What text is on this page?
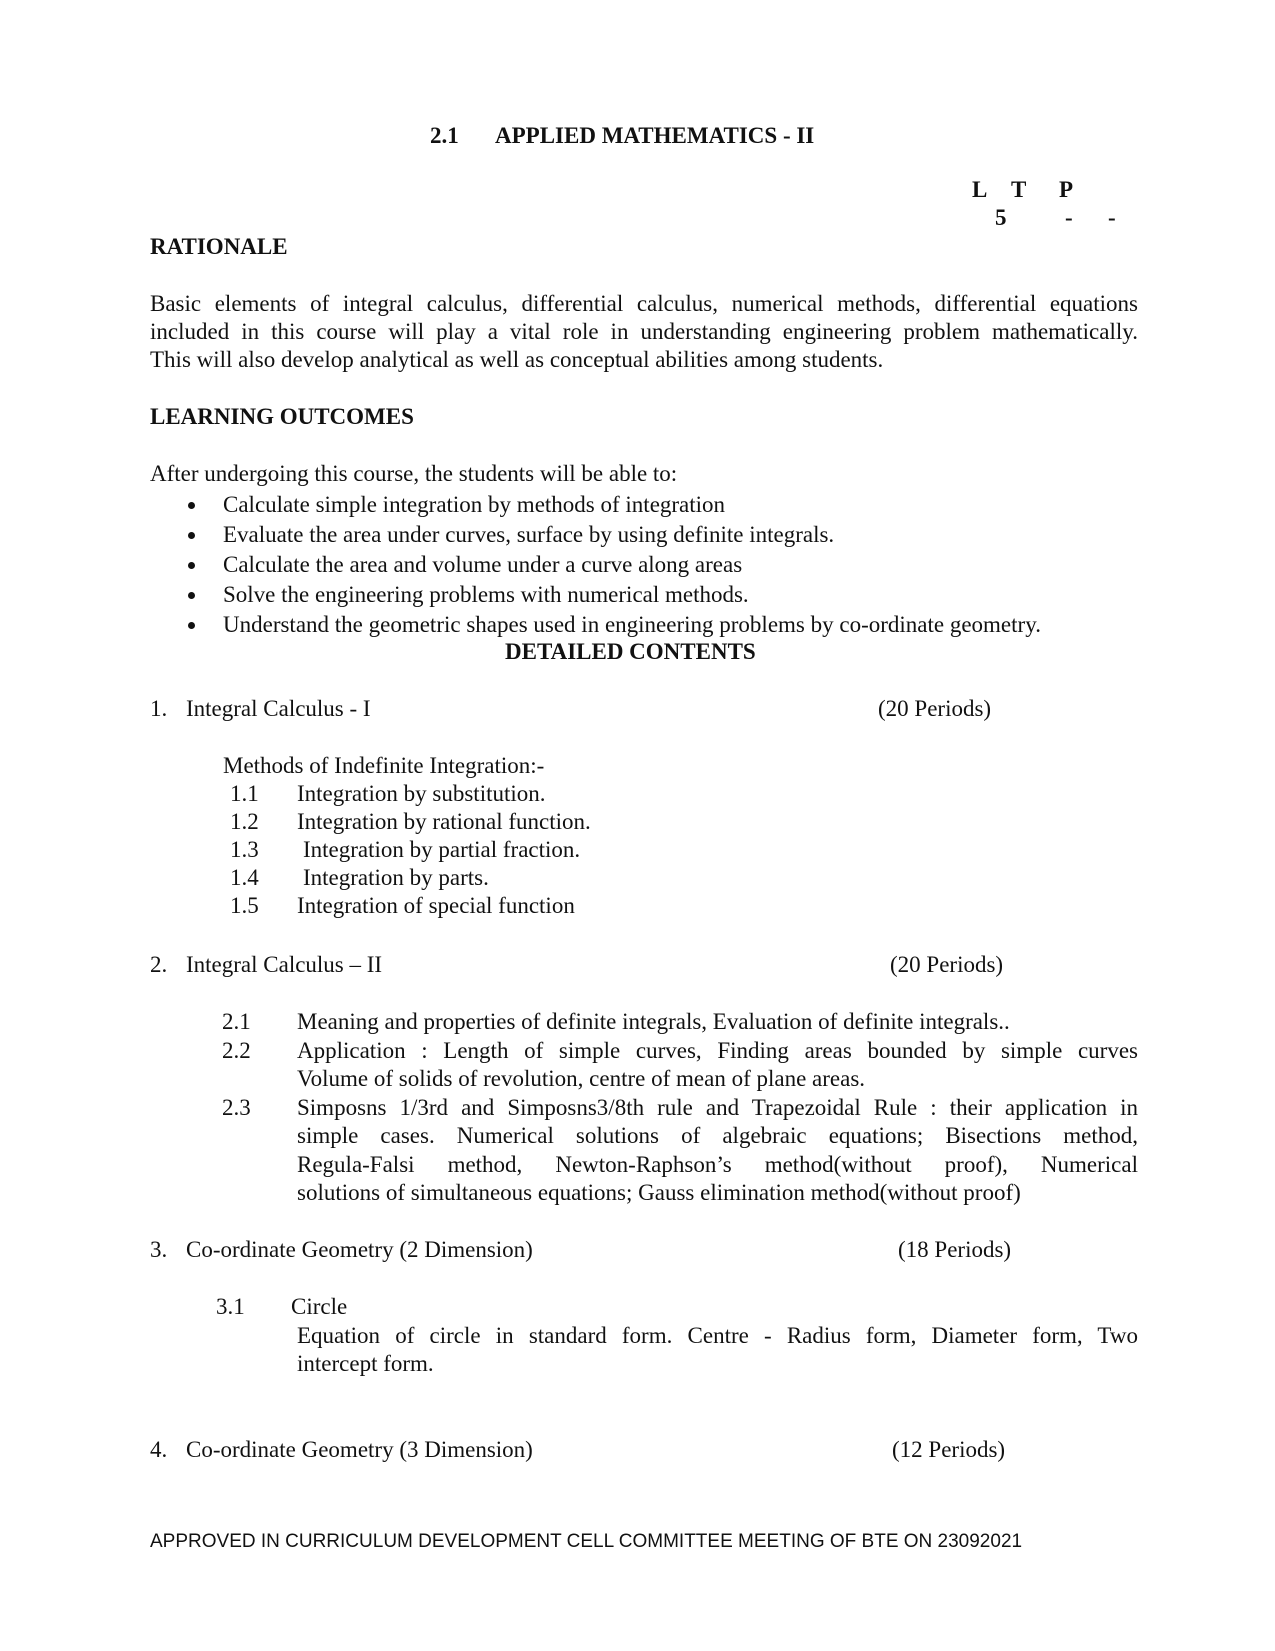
2.1 APPLIED MATHEMATICS - II
L T P
5	- -
RATIONALE
Basic elements of integral calculus, differential calculus, numerical methods, differential equations
included in this course will play a vital role in understanding engineering problem mathematically.
This will also develop analytical as well as conceptual abilities among students.
LEARNING OUTCOMES
After undergoing this course, the students will be able to:
Calculate simple integration by methods of integration
Evaluate the area under curves, surface by using definite integrals.
Calculate the area and volume under a curve along areas
Solve the engineering problems with numerical methods.
Understand the geometric shapes used in engineering problems by co-ordinate geometry.
DETAILED CONTENTS
1. Integral Calculus - I	(20 Periods)
Methods of Indefinite Integration:-
1.1 Integration by substitution.
1.2 Integration by rational function.
1.3 Integration by partial fraction.
1.4 Integration by parts.
1.5 Integration of special function
2. Integral Calculus – II	(20 Periods)
2.1 Meaning and properties of definite integrals, Evaluation of definite integrals..
2.2 Application : Length of simple curves, Finding areas bounded by simple curves
Volume of solids of revolution, centre of mean of plane areas.
2.3 Simposns 1/3rd and Simposns3/8th rule and Trapezoidal Rule : their application in
simple cases. Numerical solutions of algebraic equations; Bisections method,
Regula-Falsi method, Newton-Raphson’s method(without proof), Numerical
solutions of simultaneous equations; Gauss elimination method(without proof)
3. Co-ordinate Geometry (2 Dimension)	(18 Periods)
3.1 Circle
Equation of circle in standard form. Centre - Radius form, Diameter form, Two
intercept form.
4. Co-ordinate Geometry (3 Dimension)	(12 Periods)
APPROVED IN CURRICULUM DEVELOPMENT CELL COMMITTEE MEETING OF BTE ON 23092021
